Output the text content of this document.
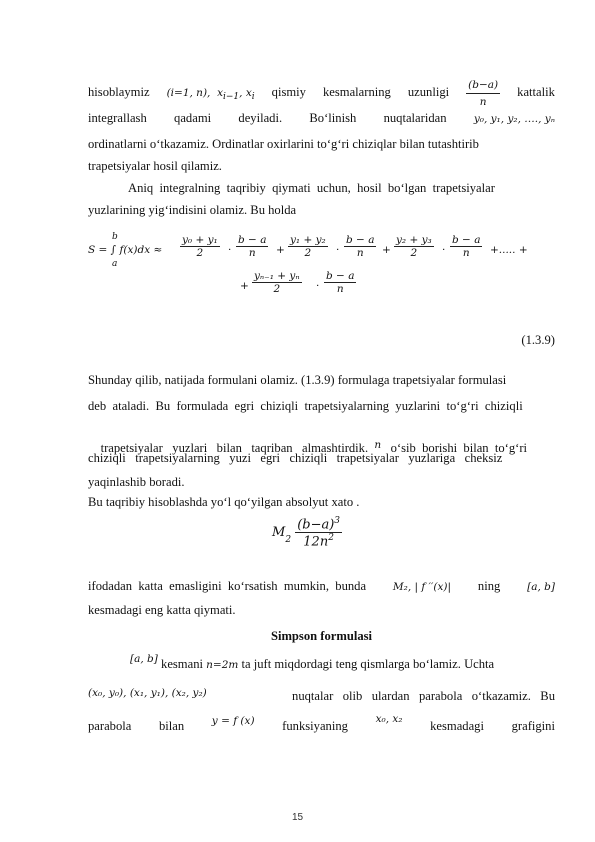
hisoblaymiz (i=1, n), $x_{i-1}$, $x_i$ qismiy kesmalarning uzunligi $\frac{(b-a)}{n}$ kattalik
integrallash qadami deyiladi. Bo‘linish nuqtalaridan	y₀, y₁, y₂, …., yₙ
ordinatlarni o‘tkazamiz. Ordinatlar oxirlarini to‘g‘ri chiziqlar bilan tutashtirib
trapetsiyalar hosil qilamiz.
Aniq  integralning  taqribiy  qiymati  uchun,  hosil  bo‘lgan  trapetsiyalar
yuzlarining yig‘indisini olamiz. Bu holda
S = ∫ f(x)dx ≈
b
a
$\frac{\text{y₀ + y₁}}{2} \cdot \frac{b - a}{n} + \frac{\text{y₁ + y₂}}{2} \cdot \frac{b - a}{n} + \frac{\text{y₂ + y₃}}{2} \cdot \frac{b - a}{n}$ +..... +
+ $\frac{\text{yₙ₋₁ + yₙ}}{2} \cdot \frac{b - a}{n}$
(1.3.9)
Shunday qilib, natijada formulani olamiz. (1.3.9) formulaga trapetsiyalar formulasi
deb  ataladi.  Bu  formulada  egri  chiziqli  trapetsiyalarning  yuzlarini  to‘g‘ri  chiziqli

trapetsiyalar   yuzlari   bilan   taqriban   almashtirdik. $^n$ o‘sib  borishi  bilan  to‘g‘ri

chiziqli   trapetsiyalarning   yuzi   egri   chiziqli   trapetsiyalar   yuzlariga   cheksiz
yaqinlashib boradi.
Bu taqribiy hisoblashda yo‘l qo‘yilgan absolyut xato .
$M_2 \frac{(b-a)^3}{12n^2}$
ifodadan  katta  emasligini  ko‘rsatish  mumkin,  bunda	M₂, | f ′′(x)| ning	[a, b]
kesmadagi eng katta qiymati.
Simpson formulasi
[a, b] kesmani n=2m ta juft miqdordagi teng qismlarga bo‘lamiz. Uchta
(x₀, y₀), (x₁, y₁), (x₂, y₂)	nuqtalar   olib   ulardan   parabola   o‘tkazamiz.   Bu
parabola bilan	y = f (x) funksiyaning	x₀, x₂ kesmadagi grafigini
15
